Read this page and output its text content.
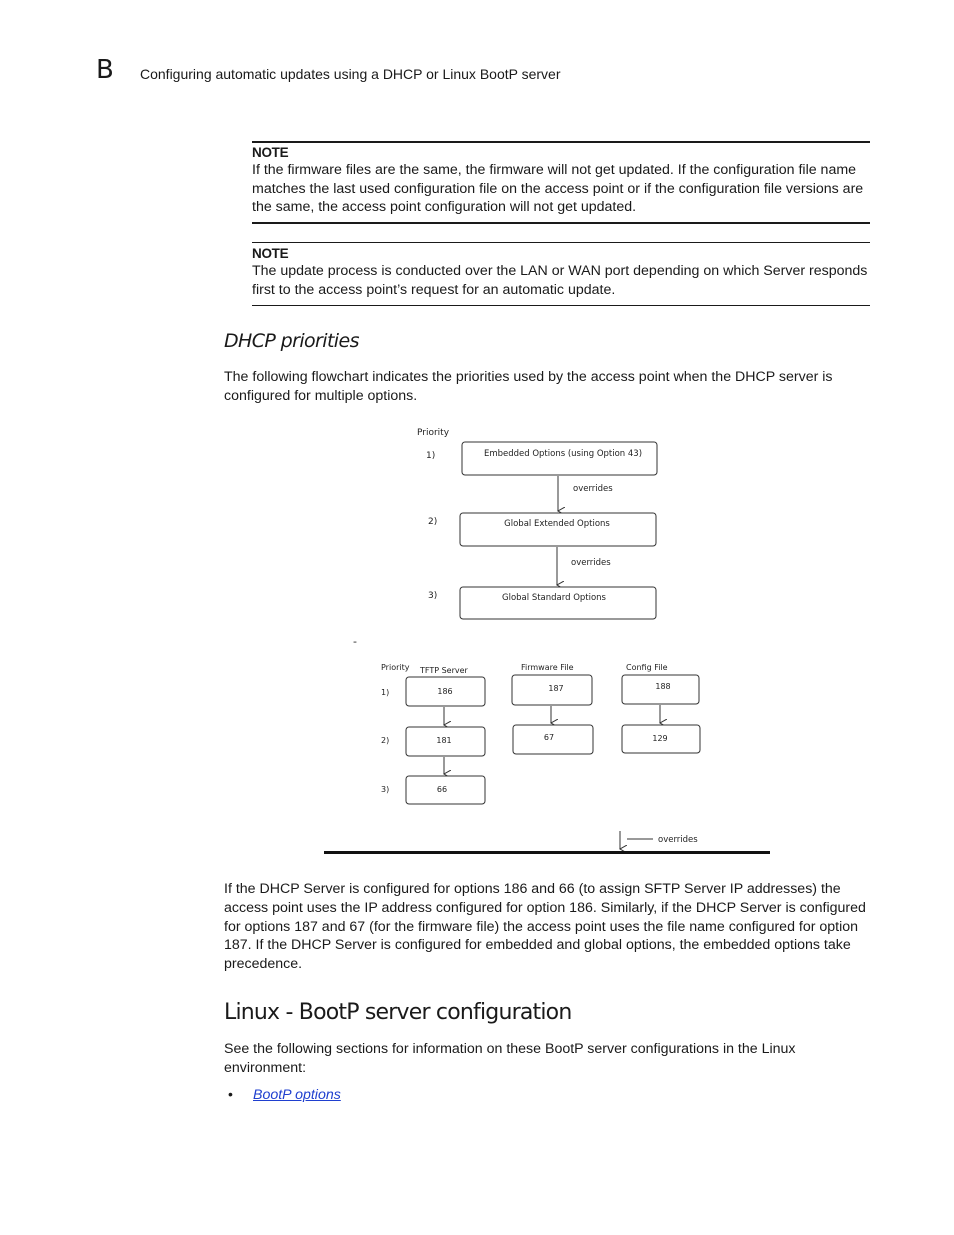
B Configuring automatic updates using a DHCP or Linux BootP server
NOTE
If the firmware files are the same, the firmware will not get updated. If the configuration file name matches the last used configuration file on the access point or if the configuration file versions are the same, the access point configuration will not get updated.
NOTE
The update process is conducted over the LAN or WAN port depending on which Server responds first to the access point’s request for an automatic update.
DHCP priorities
The following flowchart indicates the priorities used by the access point when the DHCP server is configured for multiple options.
Priority
1)	Embedded Options (using Option 43)
overrides
2)	Global Extended Options
overrides
3)	Global Standard Options
-
Priority TFTP Server	Firmware File	Config File
1)
2)
3)
186
181
66
187
67
188
129
overrides
If the DHCP Server is configured for options 186 and 66 (to assign SFTP Server IP addresses) the access point uses the IP address configured for option 186. Similarly, if the DHCP Server is configured for options 187 and 67 (for the firmware file) the access point uses the file name configured for option 187. If the DHCP Server is configured for embedded and global options, the embedded options take precedence.
Linux - BootP server configuration
See the following sections for information on these BootP server configurations in the Linux environment:
• BootP options
